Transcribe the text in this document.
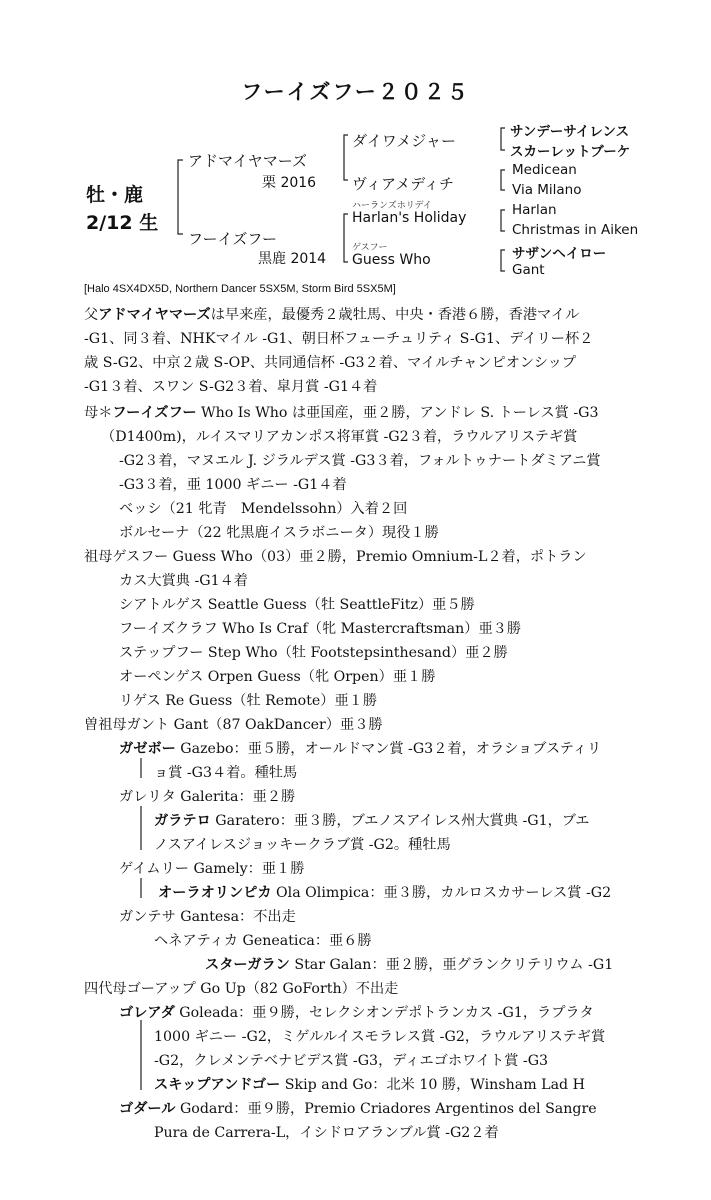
フーイズフー２０２５
牡・鹿
2/12 生
アドマイヤマーズ
栗 2016
フーイズフー
黒鹿 2014
ダイワメジャー
ヴィアメディチ
ハーランズホリデイ
Harlan's Holiday
ゲスフー
Guess Who
サンデーサイレンス
スカーレットブーケ
Medicean
Via Milano
Harlan
Christmas in Aiken
サザンヘイロー
Gant
[Halo 4SX4DX5D, Northern Dancer 5SX5M, Storm Bird 5SX5M]
父アドマイヤマーズは早来産，最優秀２歳牡馬、中央・香港６勝，香港マイル
-G1、同３着、NHKマイル -G1、朝日杯フューチュリティ S-G1、デイリー杯２
歳 S-G2、中京２歳 S-OP、共同通信杯 -G3２着、マイルチャンピオンシップ
-G1３着、スワン S-G2３着、皐月賞 -G1４着
母＊フーイズフー Who Is Who は亜国産，亜２勝，アンドレ S. トーレス賞 -G3
（D1400m)，ルイスマリアカンポス将軍賞 -G2３着，ラウルアリステギ賞
-G2３着，マヌエル J. ジラルデス賞 -G3３着，フォルトゥナートダミアニ賞
-G3３着，亜 1000 ギニー -G1４着
ベッシ（21 牝青　Mendelssohn）入着２回
ボルセーナ（22 牝黒鹿イスラボニータ）現役１勝
祖母ゲスフー Guess Who（03）亜２勝，Premio Omnium-L２着，ポトラン
カス大賞典 -G1４着
シアトルゲス Seattle Guess（牡 SeattleFitz）亜５勝
フーイズクラフ Who Is Craf（牝 Mastercraftsman）亜３勝
ステップフー Step Who（牡 Footstepsinthesand）亜２勝
オーペンゲス Orpen Guess（牝 Orpen）亜１勝
リゲス Re Guess（牡 Remote）亜１勝
曽祖母ガント Gant（87 OakDancer）亜３勝
ガゼボー Gazebo：亜５勝，オールドマン賞 -G3２着，オラショブスティリ
ョ賞 -G3４着。種牡馬
ガレリタ Galerita：亜２勝
ガラテロ Garatero：亜３勝，ブエノスアイレス州大賞典 -G1，ブエ
ノスアイレスジョッキークラブ賞 -G2。種牡馬
ゲイムリー Gamely：亜１勝
オーラオリンピカ Ola Olimpica：亜３勝，カルロスカサーレス賞 -G2
ガンテサ Gantesa：不出走
ヘネアティカ Geneatica：亜６勝
スターガラン Star Galan：亜２勝，亜グランクリテリウム -G1
四代母ゴーアップ Go Up（82 GoForth）不出走
ゴレアダ Goleada：亜９勝，セレクシオンデポトランカス -G1，ラプラタ
1000 ギニー -G2，ミゲルルイスモラレス賞 -G2，ラウルアリステギ賞
-G2，クレメンテベナビデス賞 -G3，ディエゴホワイト賞 -G3
スキップアンドゴー Skip and Go：北米 10 勝，Winsham Lad H
ゴダール Godard：亜９勝，Premio Criadores Argentinos del Sangre
Pura de Carrera-L，イシドロアランブル賞 -G2２着
